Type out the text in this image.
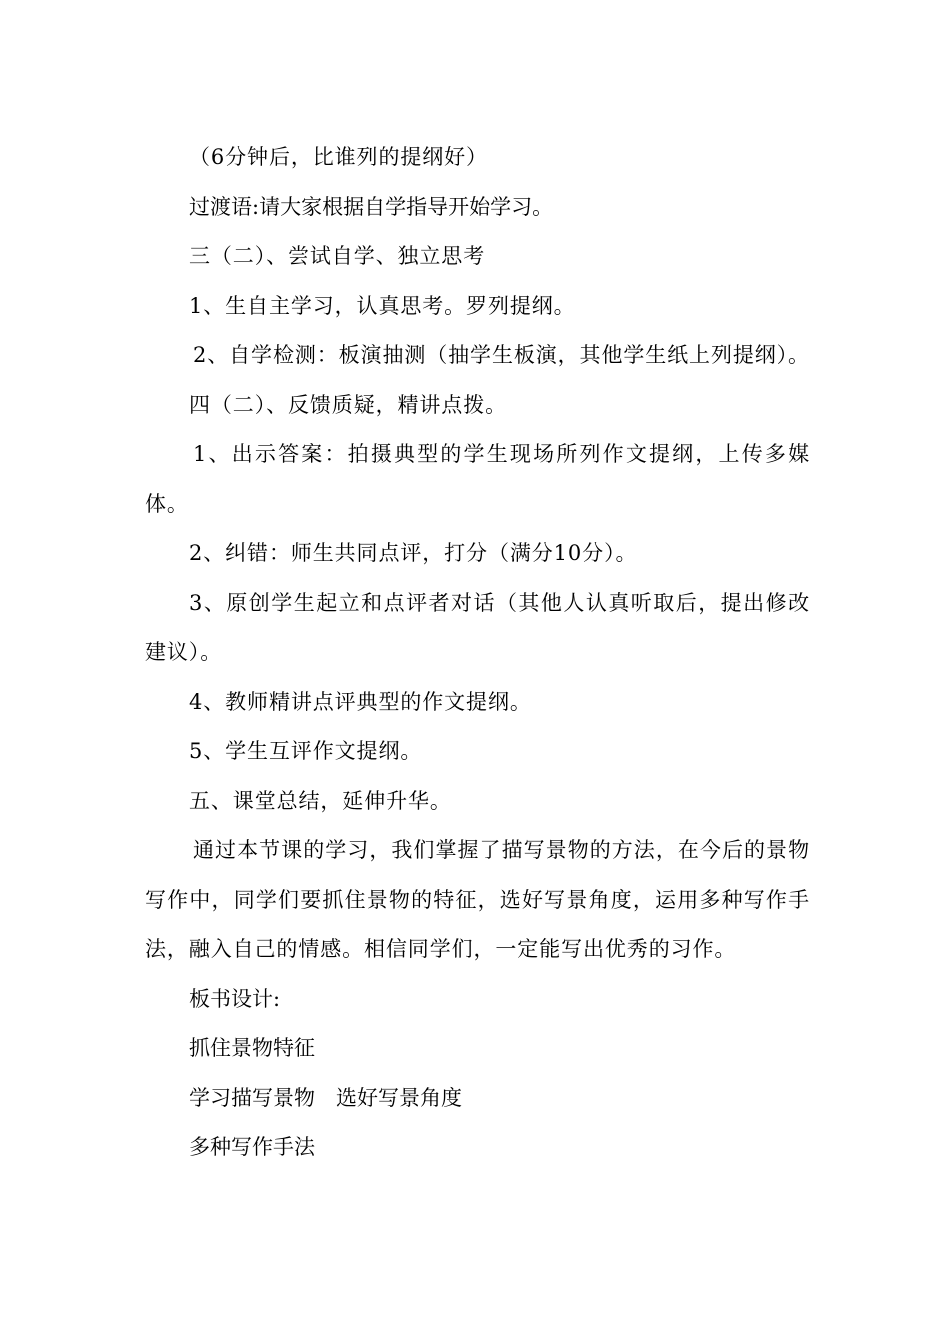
（6分钟后，比谁列的提纲好）

过渡语:请大家根据自学指导开始学习。

三（二）、尝试自学、独立思考

1、生自主学习，认真思考。罗列提纲。

2、自学检测：板演抽测（抽学生板演，其他学生纸上列提纲）。

四（二）、反馈质疑，精讲点拨。

1、出示答案：拍摄典型的学生现场所列作文提纲，上传多媒体。

2、纠错：师生共同点评，打分（满分10分）。

3、原创学生起立和点评者对话（其他人认真听取后，提出修改建议）。

4、教师精讲点评典型的作文提纲。

5、学生互评作文提纲。

五、课堂总结，延伸升华。

通过本节课的学习，我们掌握了描写景物的方法，在今后的景物写作中，同学们要抓住景物的特征，选好写景角度，运用多种写作手法，融入自己的情感。相信同学们，一定能写出优秀的习作。

板书设计:

抓住景物特征

学习描写景物　选好写景角度

多种写作手法
